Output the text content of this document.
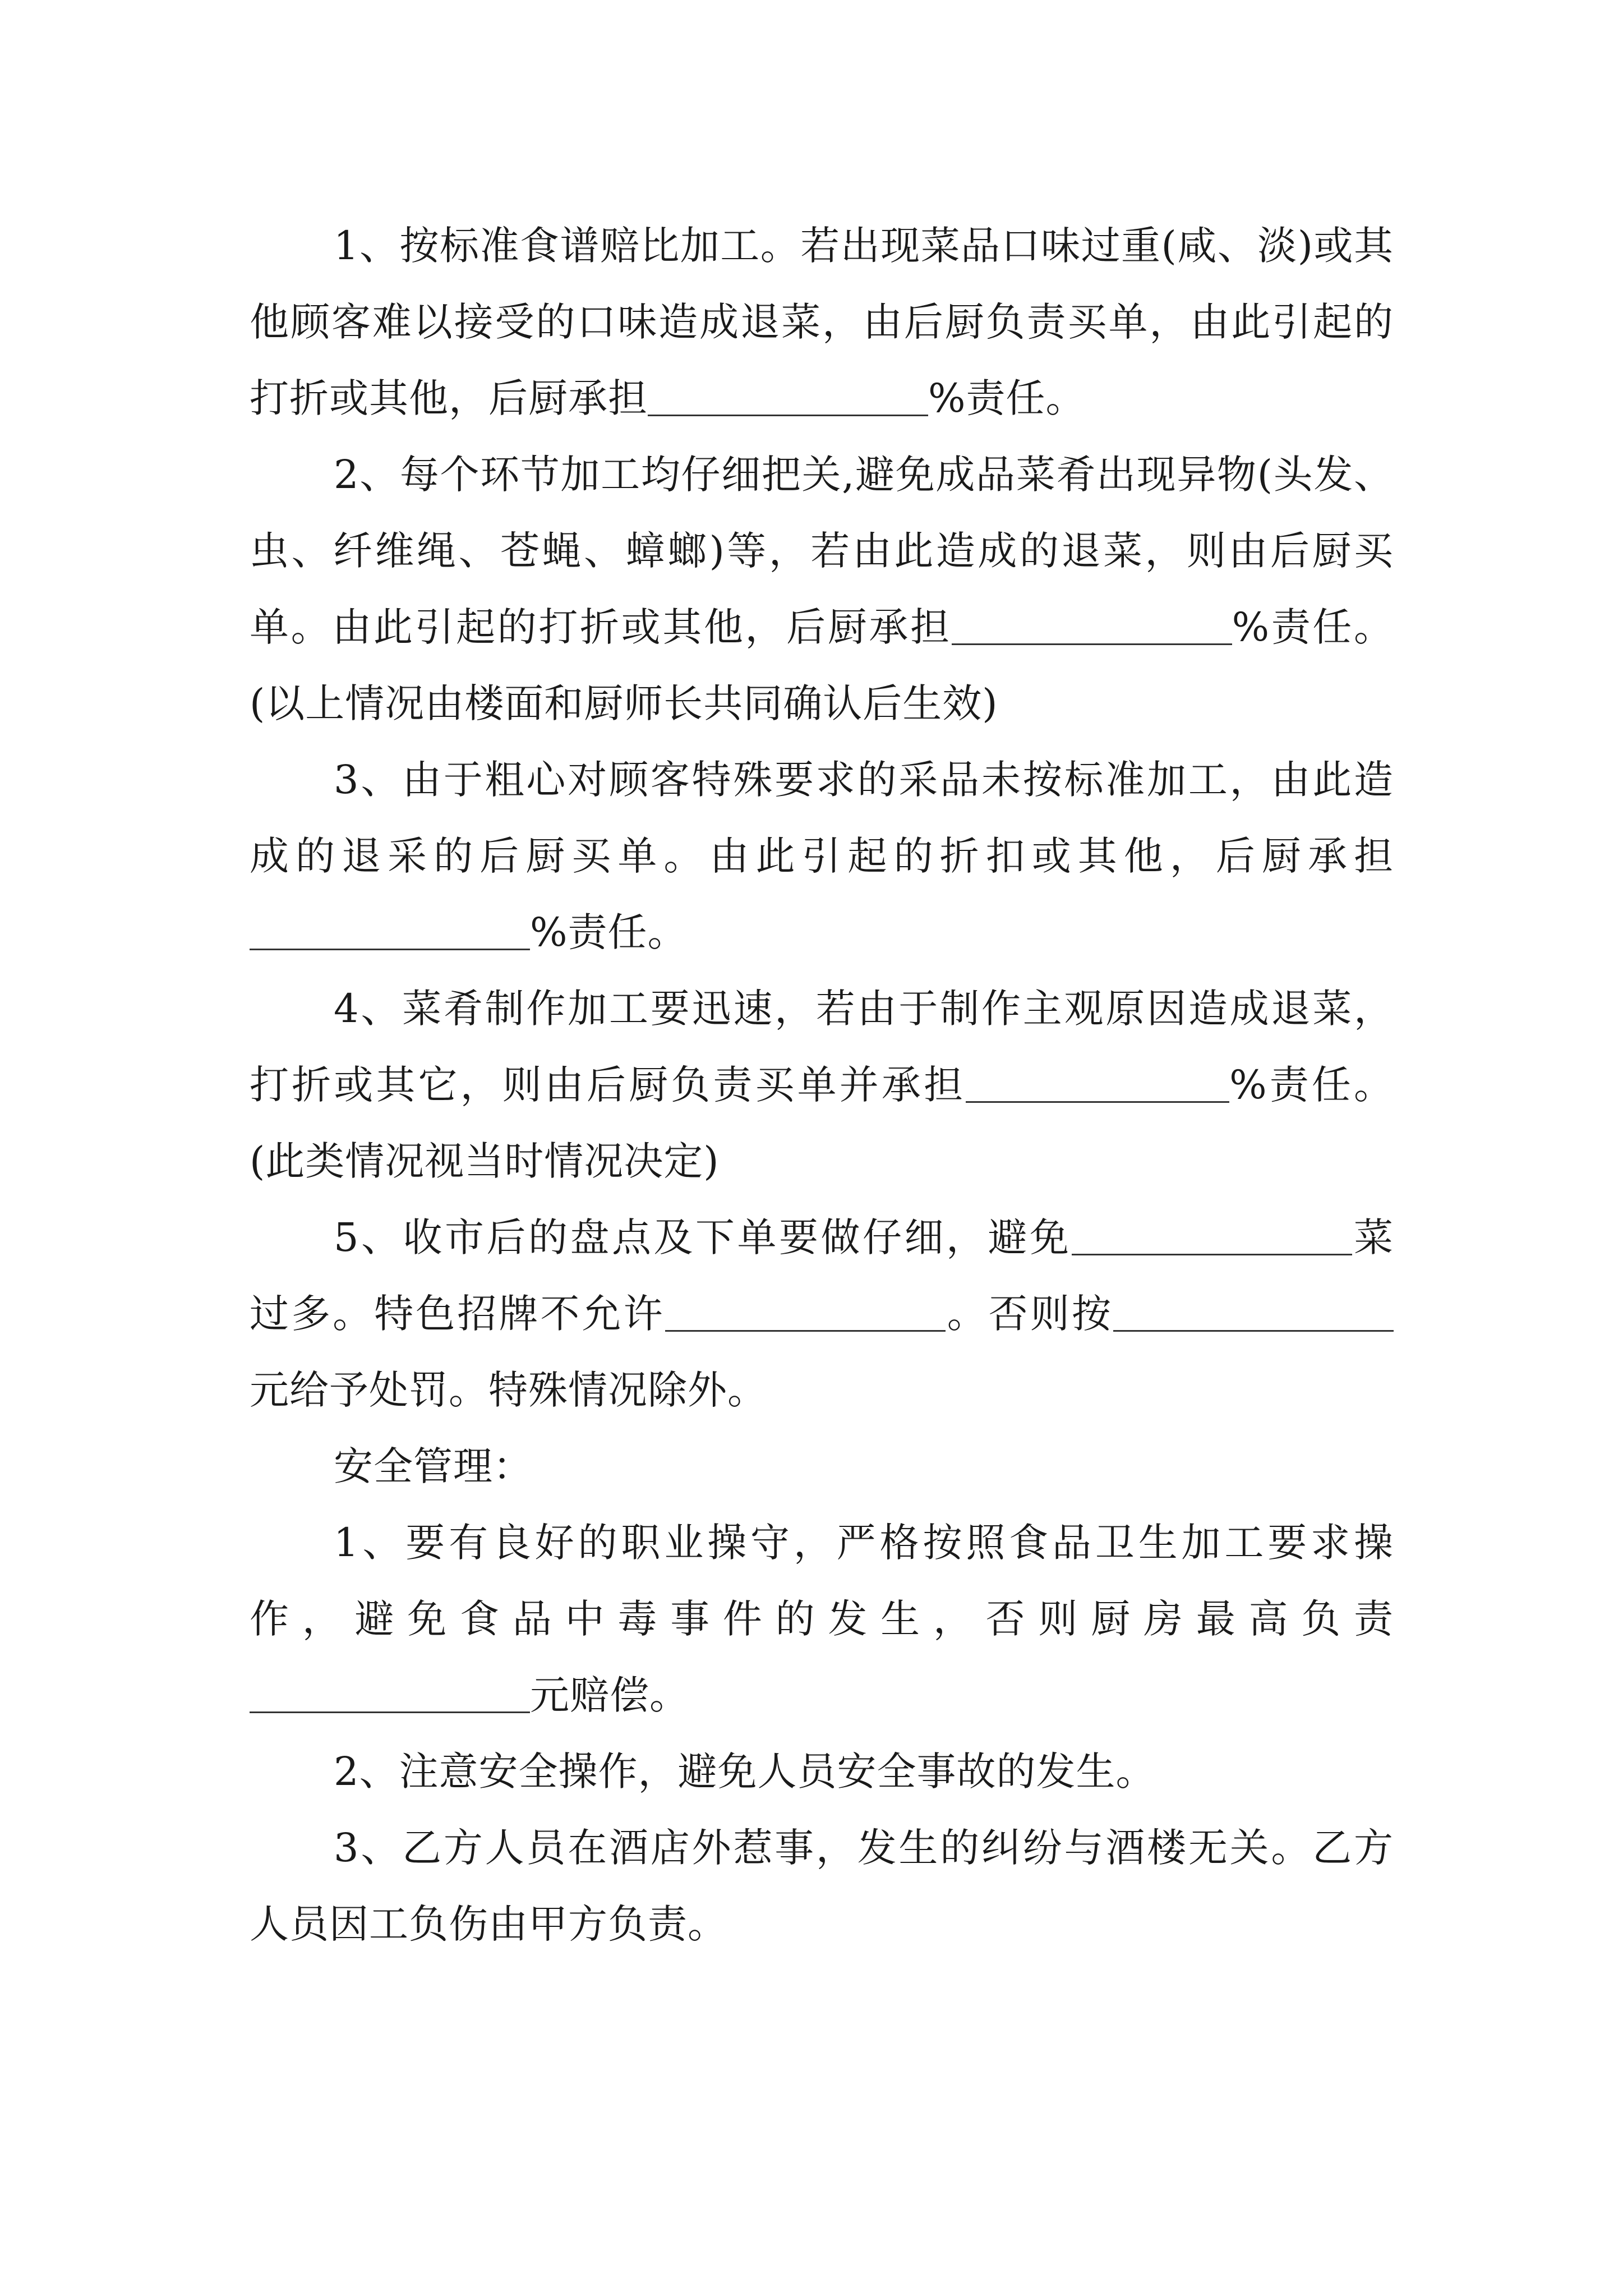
1、按标准食谱赔比加工。若出现菜品口味过重(咸、淡)或其他顾客难以接受的口味造成退菜，由后厨负责买单，由此引起的打折或其他，后厨承担	%责任。

2、每个环节加工均仔细把关,避免成品菜肴出现异物(头发、虫、纤维绳、苍蝇、蟑螂)等，若由此造成的退菜，则由后厨买单。由此引起的打折或其他，后厨承担	%责任。(以上情况由楼面和厨师长共同确认后生效)

3、由于粗心对顾客特殊要求的采品未按标准加工，由此造成的退采的后厨买单。由此引起的折扣或其他，后厨承担%责任。

4、菜肴制作加工要迅速，若由于制作主观原因造成退菜，打折或其它，则由后厨负责买单并承担	%责任。(此类情况视当时情况决定)

5、收市后的盘点及下单要做仔细，避免	菜过多。特色招牌不允许	。否则按元给予处罚。特殊情况除外。

安全管理：

1、要有良好的职业操守，严格按照食品卫生加工要求操作，避免食品中毒事件的发生，否则厨房最高负责元赔偿。

2、注意安全操作，避免人员安全事故的发生。

3、乙方人员在酒店外惹事，发生的纠纷与酒楼无关。乙方人员因工负伤由甲方负责。
